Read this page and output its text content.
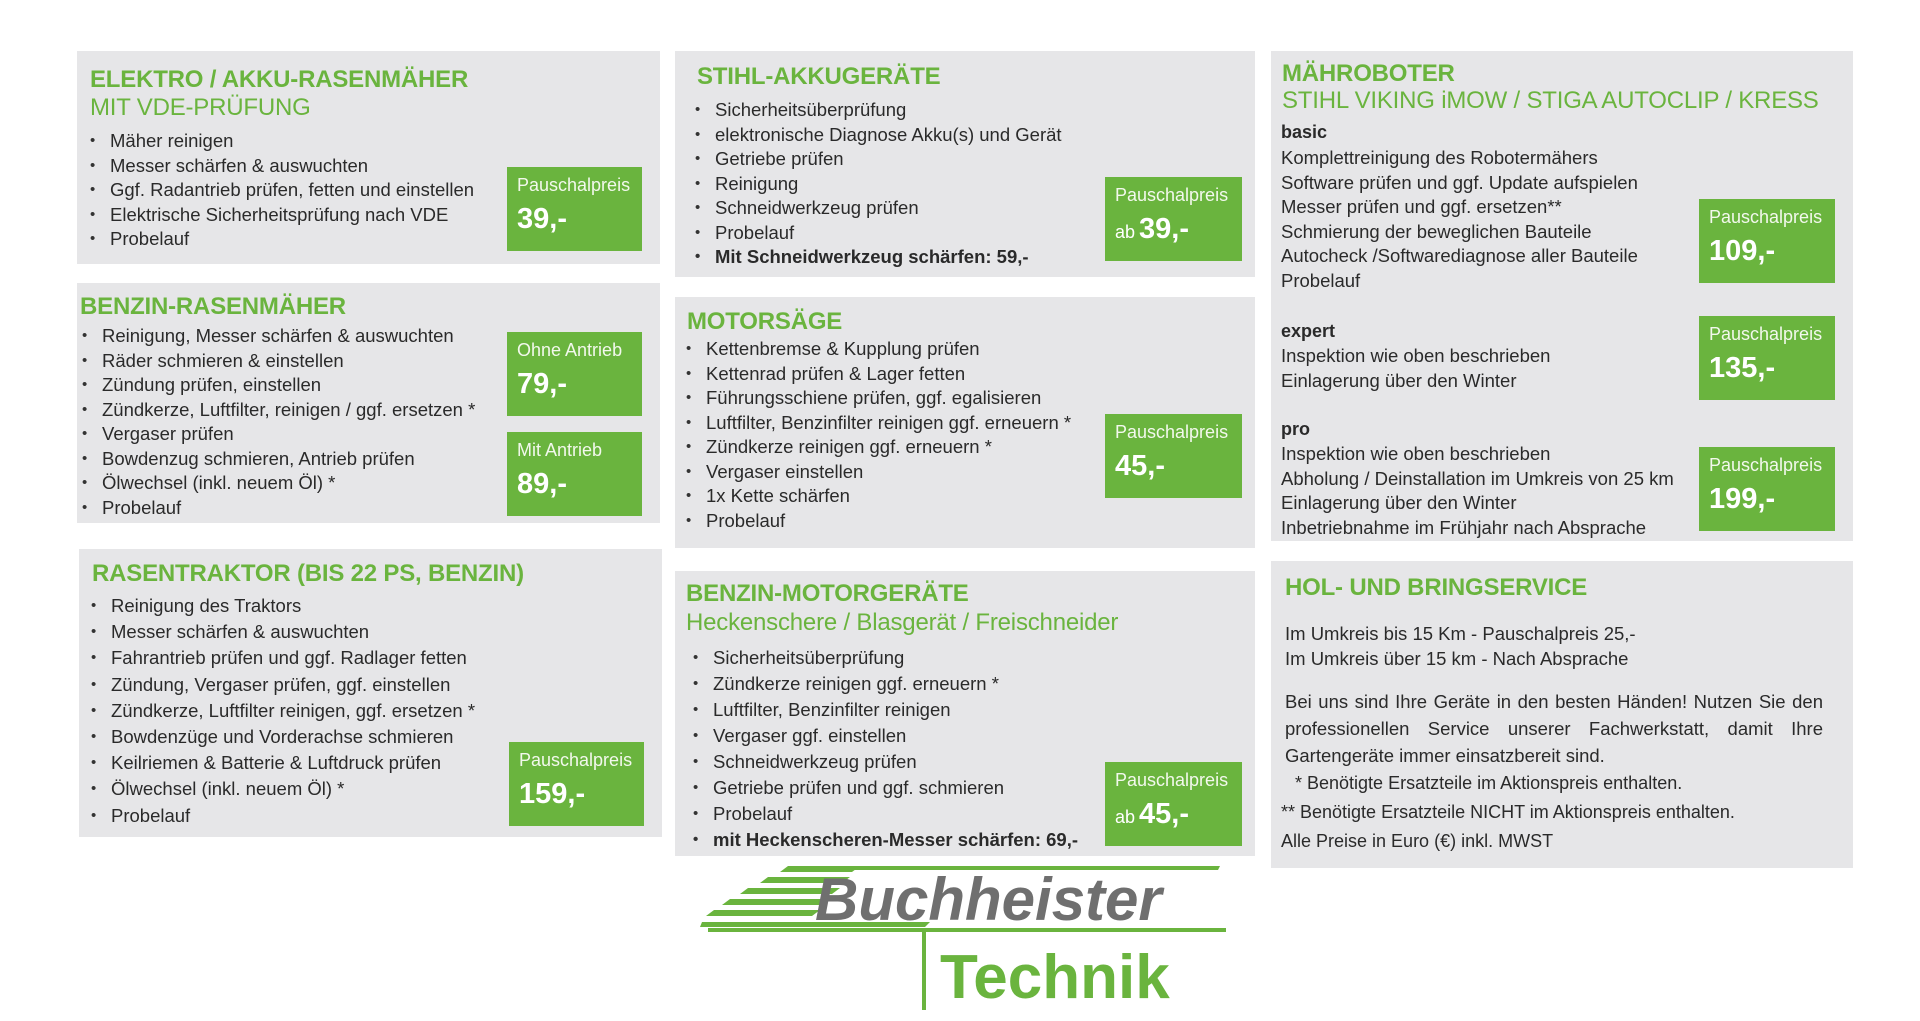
ELEKTRO / AKKU-RASENMÄHER
MIT VDE-PRÜFUNG
• Mäher reinigen
• Messer schärfen & auswuchten
• Ggf. Radantrieb prüfen, fetten und einstellen
• Elektrische Sicherheitsprüfung nach VDE
• Probelauf
Pauschalpreis
39,-
BENZIN-RASENMÄHER
• Reinigung, Messer schärfen & auswuchten
• Räder schmieren & einstellen
• Zündung prüfen, einstellen
• Zündkerze, Luftfilter, reinigen / ggf. ersetzen *
• Vergaser prüfen
• Bowdenzug schmieren, Antrieb prüfen
• Ölwechsel (inkl. neuem Öl) *
• Probelauf
Ohne Antrieb
79,-
Mit Antrieb
89,-
RASENTRAKTOR (BIS 22 PS, BENZIN)
• Reinigung des Traktors
• Messer schärfen & auswuchten
• Fahrantrieb prüfen und ggf. Radlager fetten
• Zündung, Vergaser prüfen, ggf. einstellen
• Zündkerze, Luftfilter reinigen, ggf. ersetzen *
• Bowdenzüge und Vorderachse schmieren
• Keilriemen & Batterie & Luftdruck prüfen
• Ölwechsel (inkl. neuem Öl) *
• Probelauf
Pauschalpreis
159,-
STIHL-AKKUGERÄTE
• Sicherheitsüberprüfung
• elektronische Diagnose Akku(s) und Gerät
• Getriebe prüfen
• Reinigung
• Schneidwerkzeug prüfen
• Probelauf
• Mit Schneidwerkzeug schärfen: 59,-
Pauschalpreis
ab 39,-
MOTORSÄGE
• Kettenbremse & Kupplung prüfen
• Kettenrad prüfen & Lager fetten
• Führungsschiene prüfen, ggf. egalisieren
• Luftfilter, Benzinfilter reinigen ggf. erneuern *
• Zündkerze reinigen ggf. erneuern *
• Vergaser einstellen
• 1x Kette schärfen
• Probelauf
Pauschalpreis
45,-
BENZIN-MOTORGERÄTE
Heckenschere / Blasgerät / Freischneider
• Sicherheitsüberprüfung
• Zündkerze reinigen ggf. erneuern *
• Luftfilter, Benzinfilter reinigen
• Vergaser ggf. einstellen
• Schneidwerkzeug prüfen
• Getriebe prüfen und ggf. schmieren
• Probelauf
• mit Heckenscheren-Messer schärfen: 69,-
Pauschalpreis
ab 45,-
MÄHROBOTER
STIHL VIKING iMOW / STIGA AUTOCLIP / KRESS
basic
Komplettreinigung des Robotermähers
Software prüfen und ggf. Update aufspielen
Messer prüfen und ggf. ersetzen**
Schmierung der beweglichen Bauteile
Autocheck /Softwarediagnose aller Bauteile
Probelauf
Pauschalpreis
109,-
expert
Inspektion wie oben beschrieben
Einlagerung über den Winter
Pauschalpreis
135,-
pro
Inspektion wie oben beschrieben
Abholung / Deinstallation im Umkreis von 25 km
Einlagerung über den Winter
Inbetriebnahme im Frühjahr nach Absprache
Pauschalpreis
199,-
HOL- UND BRINGSERVICE
Im Umkreis bis 15 Km - Pauschalpreis 25,-
Im Umkreis über 15 km - Nach Absprache
Bei uns sind Ihre Geräte in den besten Händen! Nutzen Sie den professionellen Service unserer Fachwerkstatt, damit Ihre Gartengeräte immer einsatzbereit sind.
* Benötigte Ersatzteile im Aktionspreis enthalten.
** Benötigte Ersatzteile NICHT im Aktionspreis enthalten.
Alle Preise in Euro (€) inkl. MWST
Buchheister
Technik
